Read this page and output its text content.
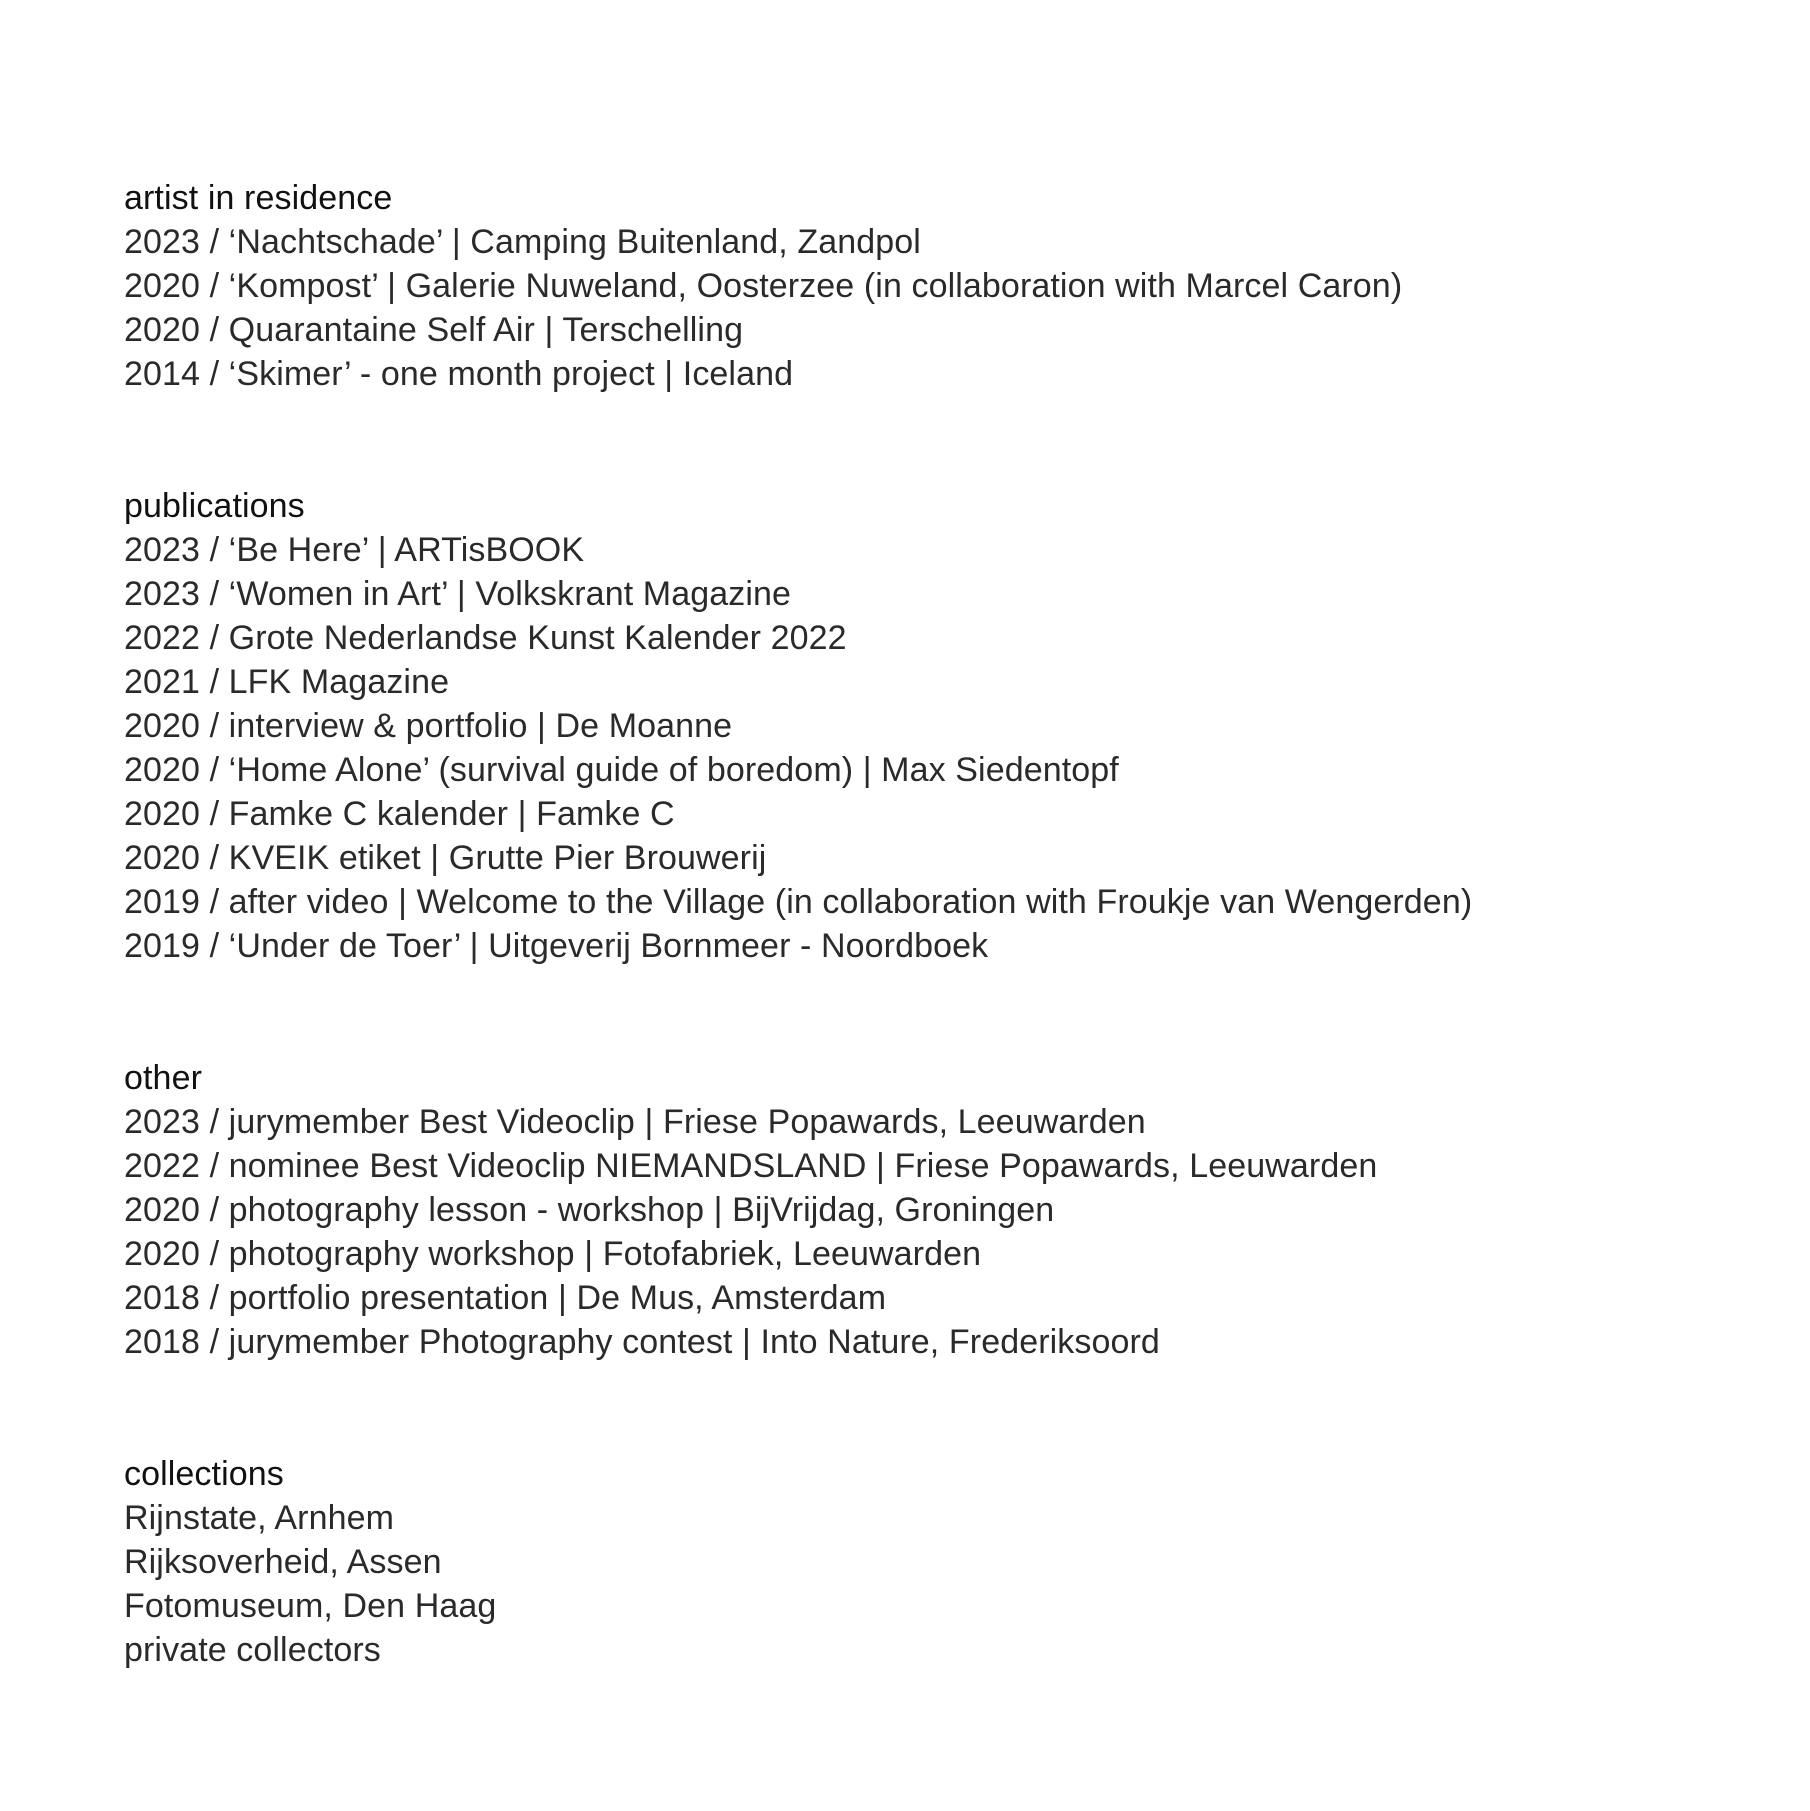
artist in residence

2023 / ‘Nachtschade’ | Camping Buitenland, Zandpol

2020 / ‘Kompost’ | Galerie Nuweland, Oosterzee (in collaboration with Marcel Caron)

2020 / Quarantaine Self Air | Terschelling

2014 / ‘Skimer’ - one month project | Iceland

publications

2023 / ‘Be Here’ | ARTisBOOK

2023 / ‘Women in Art’ | Volkskrant Magazine

2022 / Grote Nederlandse Kunst Kalender 2022

2021 / LFK Magazine

2020 / interview & portfolio | De Moanne

2020 / ‘Home Alone’ (survival guide of boredom) | Max Siedentopf

2020 / Famke C kalender | Famke C

2020 / KVEIK etiket | Grutte Pier Brouwerij

2019 / after video | Welcome to the Village (in collaboration with Froukje van Wengerden)

2019 / ‘Under de Toer’ | Uitgeverij Bornmeer - Noordboek

other

2023 / jurymember Best Videoclip | Friese Popawards, Leeuwarden

2022 / nominee Best Videoclip NIEMANDSLAND | Friese Popawards, Leeuwarden

2020 / photography lesson - workshop | BijVrijdag, Groningen

2020 / photography workshop | Fotofabriek, Leeuwarden

2018 / portfolio presentation | De Mus, Amsterdam

2018 / jurymember Photography contest | Into Nature, Frederiksoord

collections

Rijnstate, Arnhem

Rijksoverheid, Assen

Fotomuseum, Den Haag

private collectors
